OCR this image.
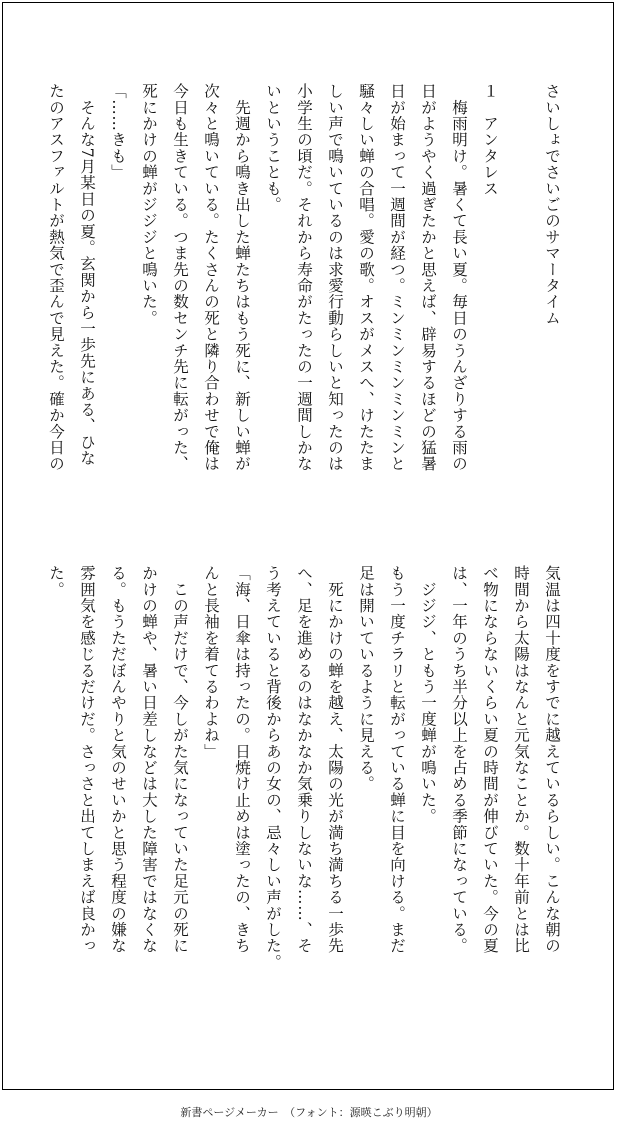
さいしょでさいごのサマータイム
１　アンタレス
　梅雨明け。暑くて長い夏。毎日のうんざりする雨の
日がようやく過ぎたかと思えば、辟易するほどの猛暑
日が始まって一週間が経つ。ミンミンミンミンミンと
騒々しい蝉の合唱。愛の歌。オスがメスへ、けたたま
しい声で鳴いているのは求愛行動らしいと知ったのは
小学生の頃だ。それから寿命がたったの一週間しかな
いということも。
　先週から鳴き出した蝉たちはもう死に、新しい蝉が
次々と鳴いている。たくさんの死と隣り合わせで俺は
今日も生きている。つま先の数センチ先に転がった、
死にかけの蝉がジジジと鳴いた。
「……きも」
　そんな7月某日の夏。玄関から一歩先にある、ひな
たのアスファルトが熱気で歪んで見えた。確か今日の
気温は四十度をすでに越えているらしい。こんな朝の
時間から太陽はなんと元気なことか。数十年前とは比
べ物にならないくらい夏の時間が伸びていた。今の夏
は、一年のうち半分以上を占める季節になっている。
　ジジジ、ともう一度蝉が鳴いた。
もう一度チラリと転がっている蝉に目を向ける。まだ
足は開いているように見える。
　死にかけの蝉を越え、太陽の光が満ち満ちる一歩先
へ、足を進めるのはなかなか気乗りしないな……、そ
う考えていると背後からあの女の、忌々しい声がした。
「海、日傘は持ったの。日焼け止めは塗ったの、きち
んと長袖を着てるわよね」
　この声だけで、今しがた気になっていた足元の死に
かけの蝉や、暑い日差しなどは大した障害ではなくな
る。もうただぼんやりと気のせいかと思う程度の嫌な
雰囲気を感じるだけだ。さっさと出てしまえば良かっ
た。
新書ページメーカー　（フォント：源暎こぶり明朝）
